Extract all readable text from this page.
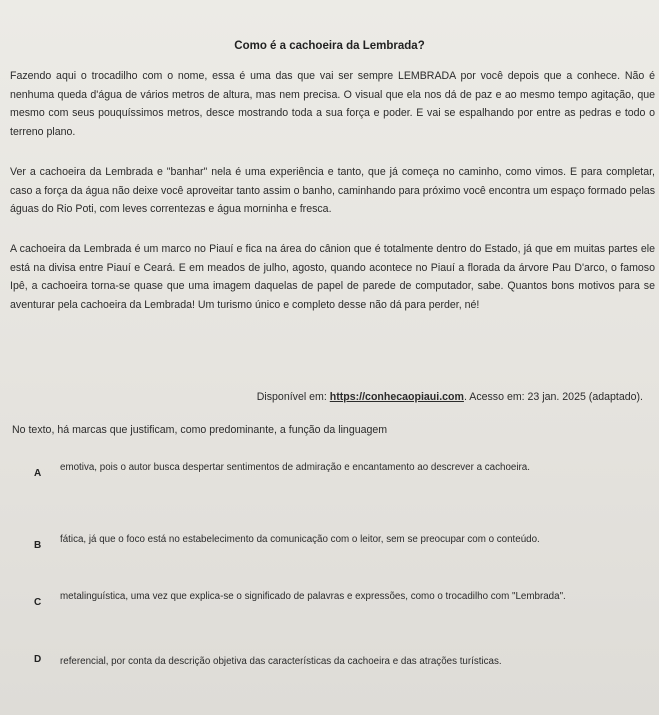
Como é a cachoeira da Lembrada?
Fazendo aqui o trocadilho com o nome, essa é uma das que vai ser sempre LEMBRADA por você depois que a conhece. Não é nenhuma queda d'água de vários metros de altura, mas nem precisa. O visual que ela nos dá de paz e ao mesmo tempo agitação, que mesmo com seus pouquíssimos metros, desce mostrando toda a sua força e poder. E vai se espalhando por entre as pedras e todo o terreno plano.
Ver a cachoeira da Lembrada e "banhar" nela é uma experiência e tanto, que já começa no caminho, como vimos. E para completar, caso a força da água não deixe você aproveitar tanto assim o banho, caminhando para próximo você encontra um espaço formado pelas águas do Rio Poti, com leves correntezas e água morninha e fresca.
A cachoeira da Lembrada é um marco no Piauí e fica na área do cânion que é totalmente dentro do Estado, já que em muitas partes ele está na divisa entre Piauí e Ceará. E em meados de julho, agosto, quando acontece no Piauí a florada da árvore Pau D'arco, o famoso Ipê, a cachoeira torna-se quase que uma imagem daquelas de papel de parede de computador, sabe. Quantos bons motivos para se aventurar pela cachoeira da Lembrada! Um turismo único e completo desse não dá para perder, né!
Disponível em: https://conhecaopiaui.com. Acesso em: 23 jan. 2025 (adaptado).
No texto, há marcas que justificam, como predominante, a função da linguagem
A
emotiva, pois o autor busca despertar sentimentos de admiração e encantamento ao descrever a cachoeira.
B
fática, já que o foco está no estabelecimento da comunicação com o leitor, sem se preocupar com o conteúdo.
C
metalinguística, uma vez que explica-se o significado de palavras e expressões, como o trocadilho com "Lembrada".
D	referencial, por conta da descrição objetiva das características da cachoeira e das atrações turísticas.
